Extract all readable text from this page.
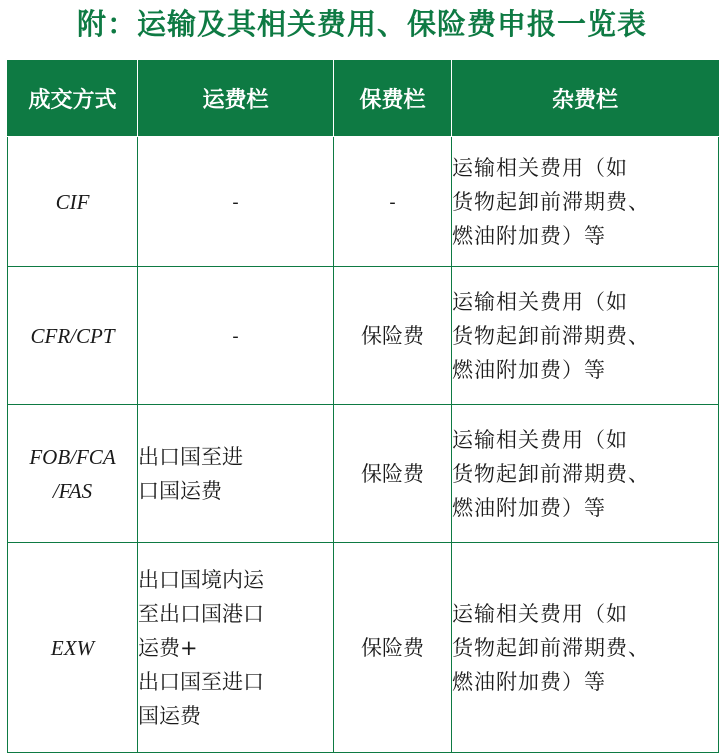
附：运输及其相关费用、保险费申报一览表
成交方式	运费栏	保费栏	杂费栏

CIF	-	-	运输相关费用（如
货物起卸前滞期费、
燃油附加费）等

CFR/CPT	-	保险费	运输相关费用（如
货物起卸前滞期费、
燃油附加费）等

FOB/FCA
/FAS	出口国至进
口国运费	保险费	运输相关费用（如
货物起卸前滞期费、
燃油附加费）等

EXW	出口国境内运
至出口国港口
运费+
出口国至进口
国运费	保险费	运输相关费用（如
货物起卸前滞期费、
燃油附加费）等
